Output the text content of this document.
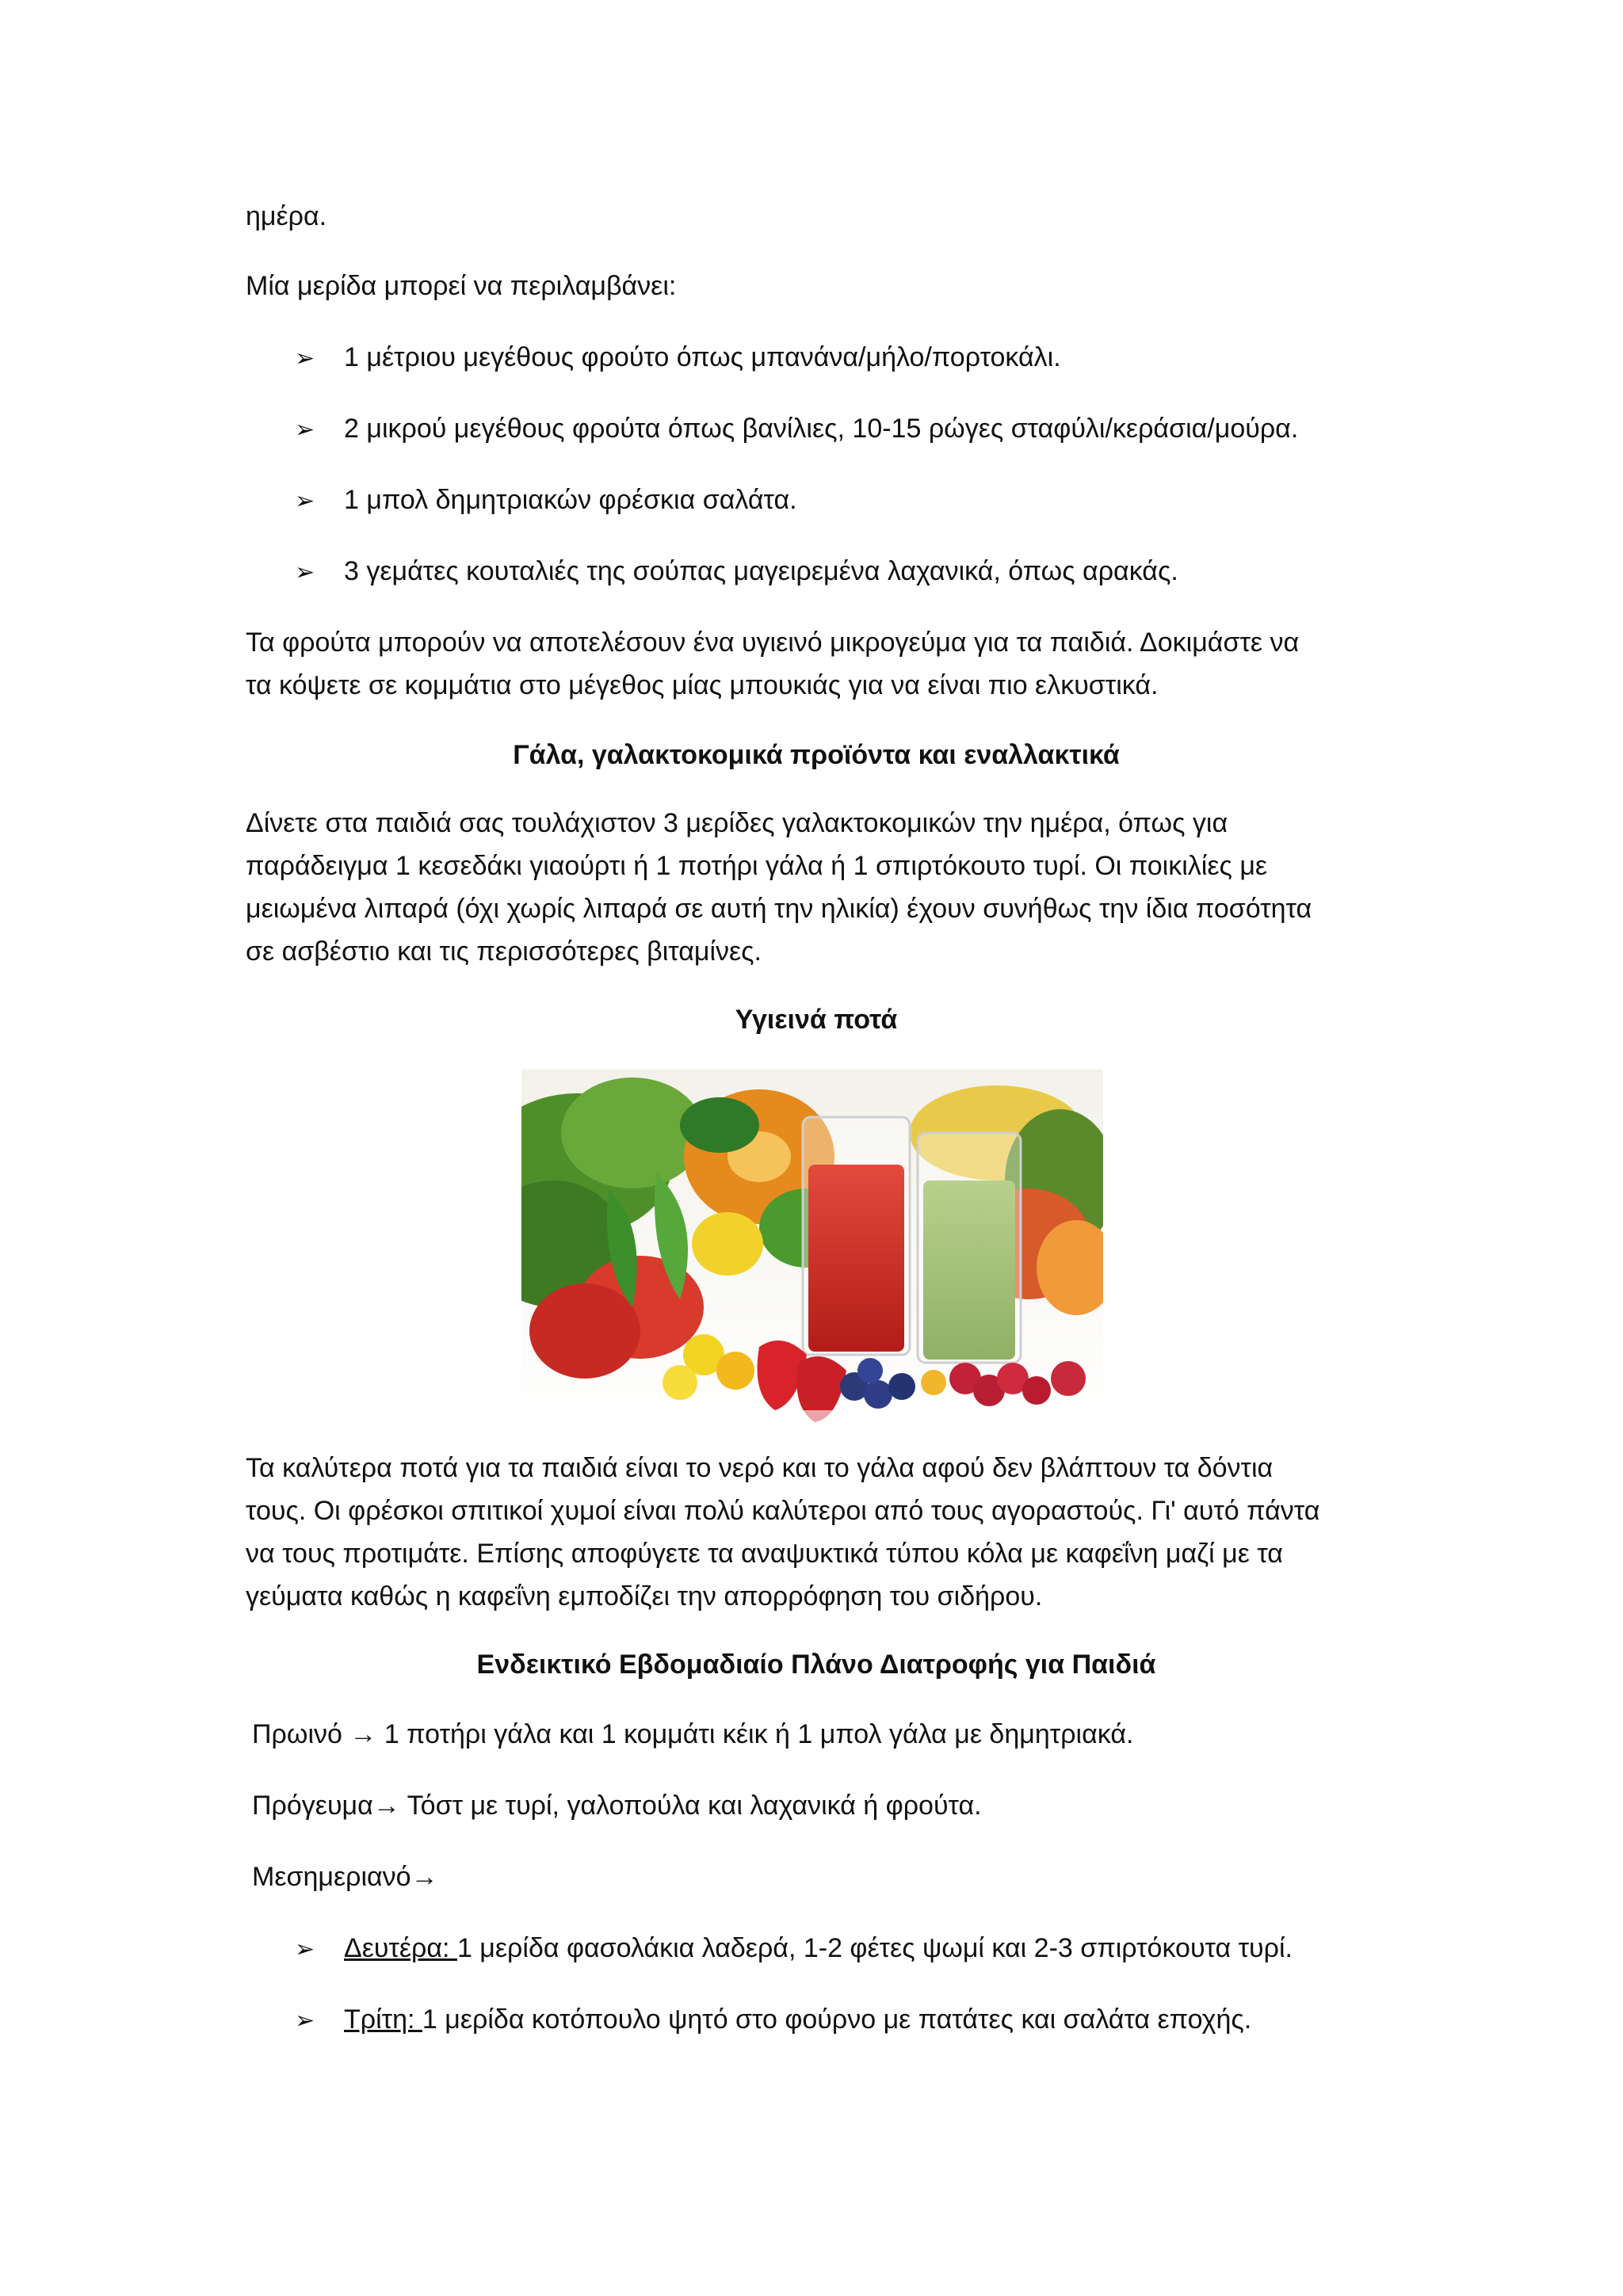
ημέρα.

Μία μερίδα μπορεί να περιλαμβάνει:

➢ 1 μέτριου μεγέθους φρούτο όπως μπανάνα/μήλο/πορτοκάλι.

➢ 2 μικρού μεγέθους φρούτα όπως βανίλιες, 10-15 ρώγες σταφύλι/κεράσια/μούρα.

➢ 1 μπολ δημητριακών φρέσκια σαλάτα.

➢ 3 γεμάτες κουταλιές της σούπας μαγειρεμένα λαχανικά, όπως αρακάς.

Τα φρούτα μπορούν να αποτελέσουν ένα υγιεινό μικρογεύμα για τα παιδιά. Δοκιμάστε να

τα κόψετε σε κομμάτια στο μέγεθος μίας μπουκιάς για να είναι πιο ελκυστικά.

Γάλα, γαλακτοκομικά προϊόντα και εναλλακτικά

Δίνετε στα παιδιά σας τουλάχιστον 3 μερίδες γαλακτοκομικών την ημέρα, όπως για

παράδειγμα 1 κεσεδάκι γιαούρτι ή 1 ποτήρι γάλα ή 1 σπιρτόκουτο τυρί. Οι ποικιλίες με

μειωμένα λιπαρά (όχι χωρίς λιπαρά σε αυτή την ηλικία) έχουν συνήθως την ίδια ποσότητα

σε ασβέστιο και τις περισσότερες βιταμίνες.

Υγιεινά ποτά

Τα καλύτερα ποτά για τα παιδιά είναι το νερό και το γάλα αφού δεν βλάπτουν τα δόντια

τους. Οι φρέσκοι σπιτικοί χυμοί είναι πολύ καλύτεροι από τους αγοραστούς. Γι' αυτό πάντα

να τους προτιμάτε. Επίσης αποφύγετε τα αναψυκτικά τύπου κόλα με καφεΐνη μαζί με τα

γεύματα καθώς η καφεΐνη εμποδίζει την απορρόφηση του σιδήρου.

Ενδεικτικό Εβδομαδιαίο Πλάνο Διατροφής για Παιδιά

Πρωινό → 1 ποτήρι γάλα και 1 κομμάτι κέικ ή 1 μπολ γάλα με δημητριακά.

Πρόγευμα→ Τόστ με τυρί, γαλοπούλα και λαχανικά ή φρούτα.

Μεσημεριανό→

➢ Δευτέρα: 1 μερίδα φασολάκια λαδερά, 1-2 φέτες ψωμί και 2-3 σπιρτόκουτα τυρί.

➢ Τρίτη: 1 μερίδα κοτόπουλο ψητό στο φούρνο με πατάτες και σαλάτα εποχής.
